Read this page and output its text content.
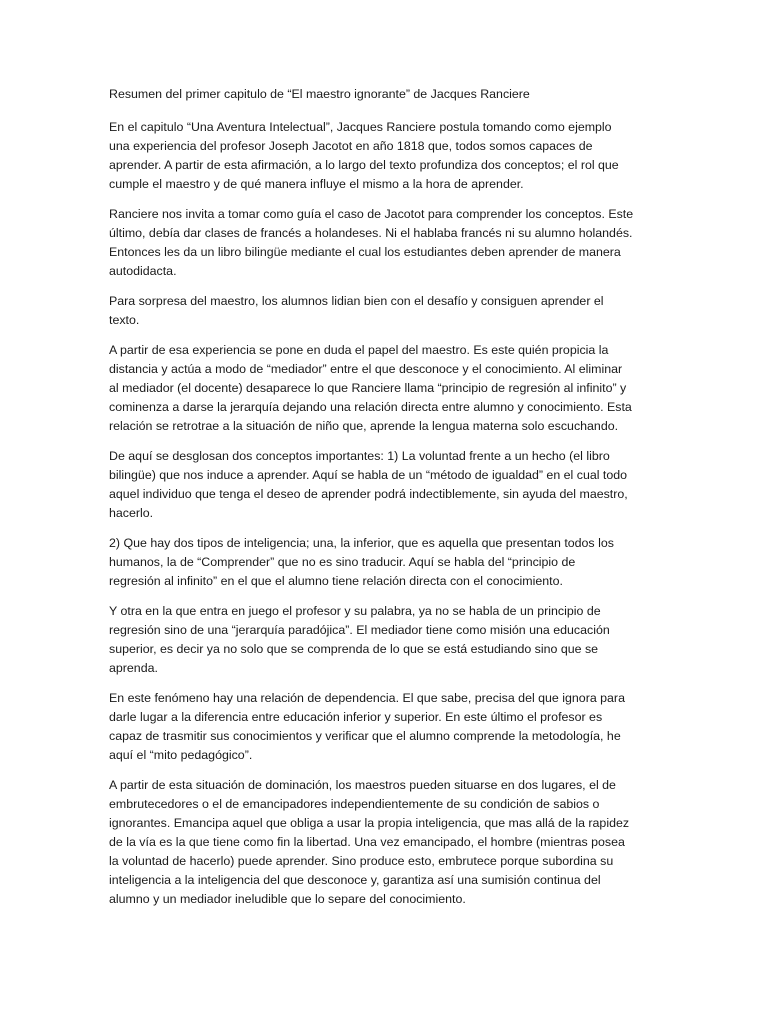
Resumen del primer capitulo de “El maestro ignorante” de Jacques Ranciere
En el capitulo “Una Aventura Intelectual”, Jacques Ranciere postula tomando como ejemplo
una experiencia del profesor Joseph Jacotot en año 1818 que, todos somos capaces de
aprender. A partir de esta afirmación, a lo largo del texto profundiza dos conceptos; el rol que
cumple el maestro y de qué manera influye el mismo a la hora de aprender.
Ranciere nos invita a tomar como guía el caso de Jacotot para comprender los conceptos. Este
último, debía dar clases de francés a holandeses. Ni el hablaba francés ni su alumno holandés.
Entonces les da un libro bilingüe mediante el cual los estudiantes deben aprender de manera
autodidacta.
Para sorpresa del maestro, los alumnos lidian bien con el desafío y consiguen aprender el
texto.
A partir de esa experiencia se pone en duda el papel del maestro. Es este quién propicia la
distancia y actúa a modo de “mediador” entre el que desconoce y el conocimiento. Al eliminar
al mediador (el docente) desaparece lo que Ranciere llama “principio de regresión al infinito” y
cominenza a darse la jerarquía dejando una relación directa entre alumno y conocimiento. Esta
relación se retrotrae a la situación de niño que, aprende la lengua materna solo escuchando.
De aquí se desglosan dos conceptos importantes: 1) La voluntad frente a un hecho (el libro
bilingüe) que nos induce a aprender. Aquí se habla de un “método de igualdad” en el cual todo
aquel individuo que tenga el deseo de aprender podrá indectiblemente, sin ayuda del maestro,
hacerlo.
2) Que hay dos tipos de inteligencia; una, la inferior, que es aquella que presentan todos los
humanos, la de “Comprender” que no es sino traducir. Aquí se habla del “principio de
regresión al infinito” en el que el alumno tiene relación directa con el conocimiento.
Y otra en la que entra en juego el profesor y su palabra, ya no se habla de un principio de
regresión sino de una “jerarquía paradójica”. El mediador tiene como misión una educación
superior, es decir ya no solo que se comprenda de lo que se está estudiando sino que se
aprenda.
En este fenómeno hay una relación de dependencia. El que sabe, precisa del que ignora para
darle lugar a la diferencia entre educación inferior y superior. En este último el profesor es
capaz de trasmitir sus conocimientos y verificar que el alumno comprende la metodología, he
aquí el “mito pedagógico”.
A partir de esta situación de dominación, los maestros pueden situarse en dos lugares, el de
embrutecedores o el de emancipadores independientemente de su condición de sabios o
ignorantes. Emancipa aquel que obliga a usar la propia inteligencia, que mas allá de la rapidez
de la vía es la que tiene como fin la libertad. Una vez emancipado, el hombre (mientras posea
la voluntad de hacerlo) puede aprender. Sino produce esto, embrutece porque subordina su
inteligencia a la inteligencia del que desconoce y, garantiza así una sumisión continua del
alumno y un mediador ineludible que lo separe del conocimiento.
